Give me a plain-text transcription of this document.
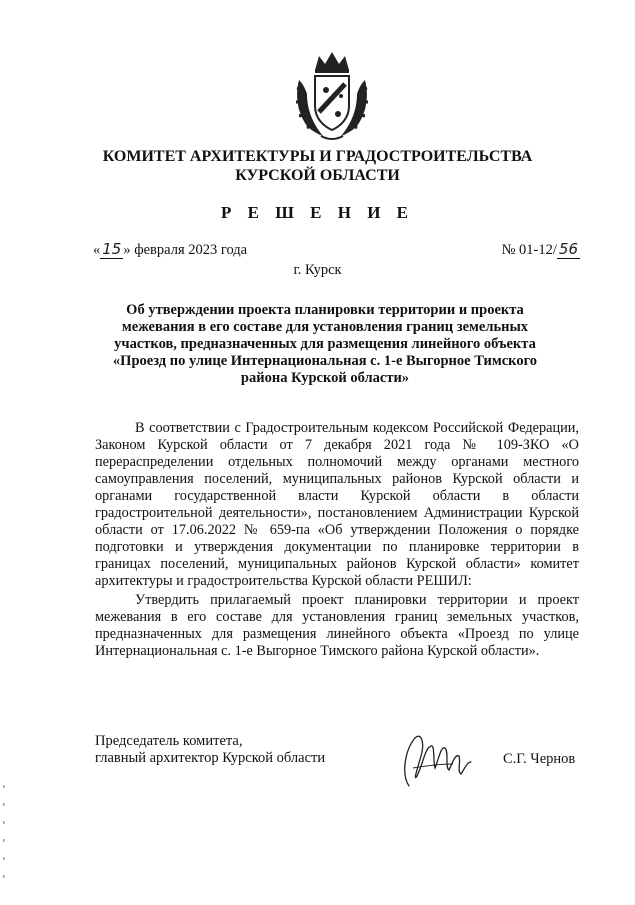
КОМИТЕТ АРХИТЕКТУРЫ И ГРАДОСТРОИТЕЛЬСТВА
КУРСКОЙ ОБЛАСТИ
Р Е Ш Е Н И Е
« 15 » февраля 2023 года	№ 01-12/ 56
г. Курск
Об утверждении проекта планировки территории и проекта
межевания в его составе для установления границ земельных
участков, предназначенных для размещения линейного объекта
«Проезд по улице Интернациональная с. 1-е Выгорное Тимского
района Курской области»
В соответствии с Градостроительным кодексом Российской Федерации, Законом Курской области от 7 декабря 2021 года № 109-ЗКО «О перераспределении отдельных полномочий между органами местного самоуправления поселений, муниципальных районов Курской области и органами государственной власти Курской области в области градостроительной деятельности», постановлением Администрации Курской области от 17.06.2022 № 659-па «Об утверждении Положения о порядке подготовки и утверждения документации по планировке территории в границах поселений, муниципальных районов Курской области» комитет архитектуры и градостроительства Курской области РЕШИЛ:
Утвердить прилагаемый проект планировки территории и проект межевания в его составе для установления границ земельных участков, предназначенных для размещения линейного объекта «Проезд по улице Интернациональная с. 1-е Выгорное Тимского района Курской области».
Председатель комитета,
главный архитектор Курской области	С.Г. Чернов
